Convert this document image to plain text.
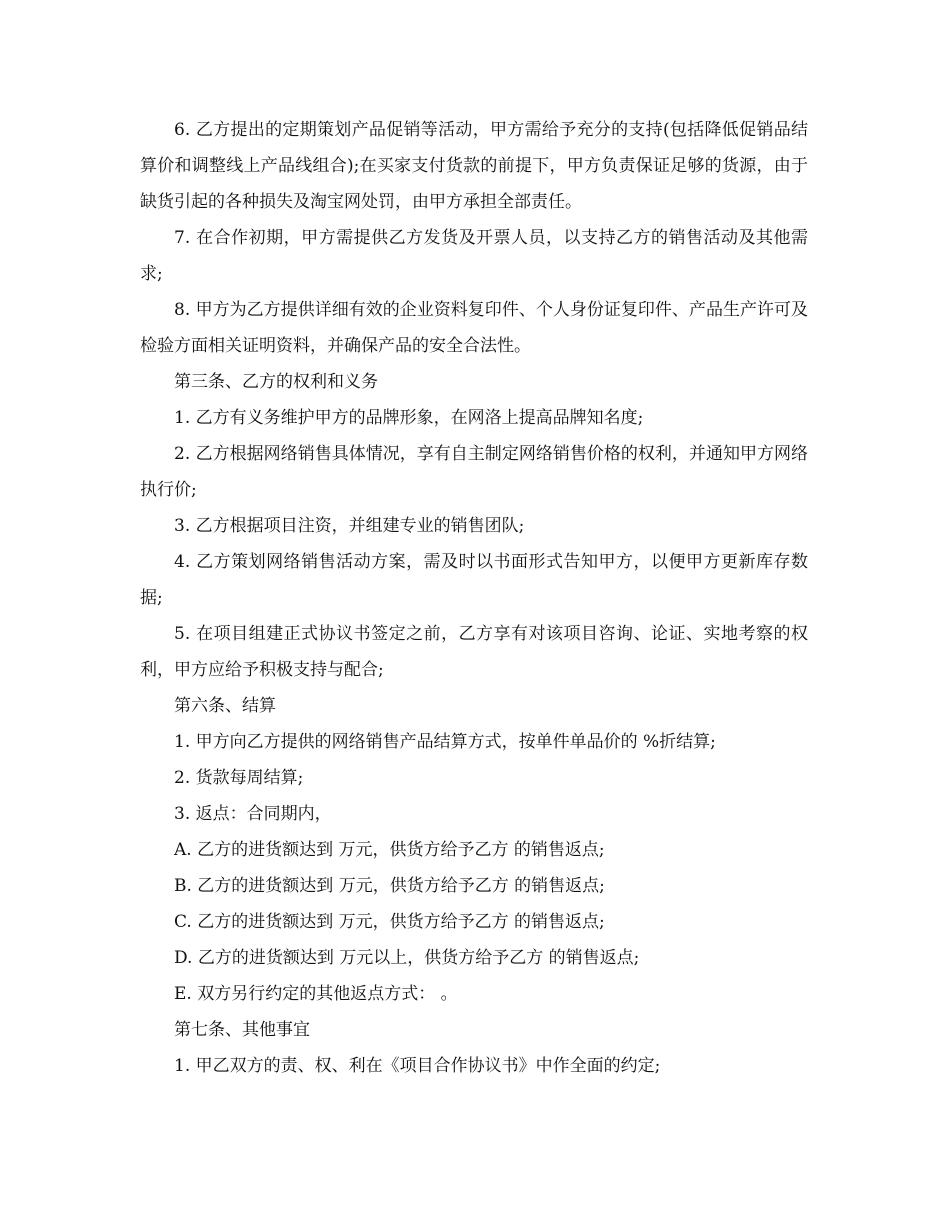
6. 乙方提出的定期策划产品促销等活动，甲方需给予充分的支持(包括降低促销品结算价和调整线上产品线组合);在买家支付货款的前提下，甲方负责保证足够的货源，由于缺货引起的各种损失及淘宝网处罚，由甲方承担全部责任。

7. 在合作初期，甲方需提供乙方发货及开票人员，以支持乙方的销售活动及其他需求;

8. 甲方为乙方提供详细有效的企业资料复印件、个人身份证复印件、产品生产许可及检验方面相关证明资料，并确保产品的安全合法性。

第三条、乙方的权利和义务

1. 乙方有义务维护甲方的品牌形象，在网洛上提高品牌知名度;

2. 乙方根据网络销售具体情况，享有自主制定网络销售价格的权利，并通知甲方网络执行价;

3. 乙方根据项目注资，并组建专业的销售团队;

4. 乙方策划网络销售活动方案，需及时以书面形式告知甲方，以便甲方更新库存数据;

5. 在项目组建正式协议书签定之前，乙方享有对该项目咨询、论证、实地考察的权利，甲方应给予积极支持与配合;

第六条、结算

1. 甲方向乙方提供的网络销售产品结算方式，按单件单品价的 %折结算;

2. 货款每周结算;

3. 返点：合同期内，

A. 乙方的进货额达到 万元，供货方给予乙方 的销售返点;

B. 乙方的进货额达到 万元，供货方给予乙方 的销售返点;

C. 乙方的进货额达到 万元，供货方给予乙方 的销售返点;

D. 乙方的进货额达到 万元以上，供货方给予乙方 的销售返点;

E. 双方另行约定的其他返点方式： 。

第七条、其他事宜

1. 甲乙双方的责、权、利在《项目合作协议书》中作全面的约定;
